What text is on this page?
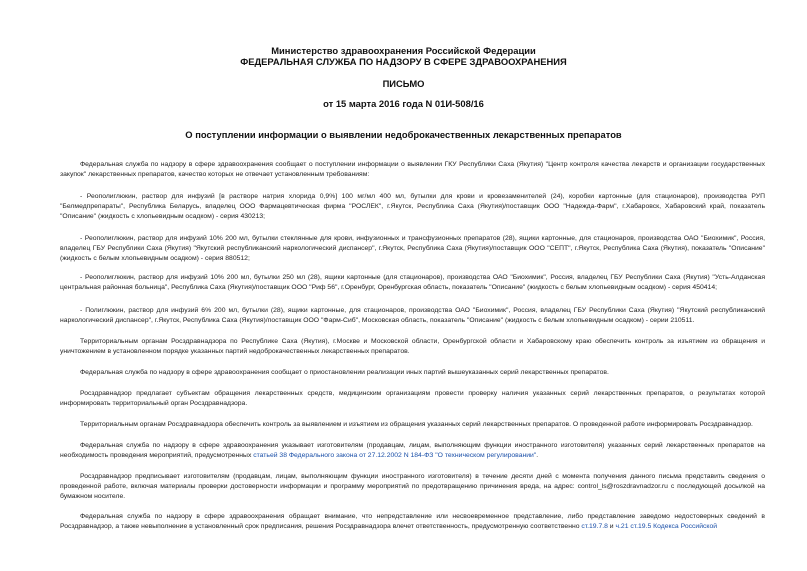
Министерство здравоохранения Российской Федерации
ФЕДЕРАЛЬНАЯ СЛУЖБА ПО НАДЗОРУ В СФЕРЕ ЗДРАВООХРАНЕНИЯ
ПИСЬМО
от 15 марта 2016 года N 01И-508/16
О поступлении информации о выявлении недоброкачественных лекарственных препаратов
Федеральная служба по надзору в сфере здравоохранения сообщает о поступлении информации о выявлении ГКУ Республики Саха (Якутия) "Центр контроля качества лекарств и организации государственных закупок" лекарственных препаратов, качество которых не отвечает установленным требованиям:
- Реополиглюкин, раствор для инфузий [в растворе натрия хлорида 0,9%] 100 мг/мл 400 мл, бутылки для крови и кровезаменителей (24), коробки картонные (для стационаров), производства РУП "Белмедпрепараты", Республика Беларусь, владелец ООО Фармацевтическая фирма "РОСЛЕК", г.Якутск, Республика Саха (Якутия)/поставщик ООО "Надежда-Фарм", г.Хабаровск, Хабаровский край, показатель "Описание" (жидкость с хлопьевидным осадком) - серия 430213;
- Реополиглюкин, раствор для инфузий 10% 200 мл, бутылки стеклянные для крови, инфузионных и трансфузионных препаратов (28), ящики картонные, для стационаров, производства ОАО "Биохимик", Россия, владелец ГБУ Республики Саха (Якутия) "Якутский республиканский наркологический диспансер", г.Якутск, Республика Саха (Якутия)/поставщик ООО "СЕПТ", г.Якутск, Республика Саха (Якутия), показатель "Описание" (жидкость с белым хлопьевидным осадком) - серия 880512;
- Реополиглюкин, раствор для инфузий 10% 200 мл, бутылки 250 мл (28), ящики картонные (для стационаров), производства ОАО "Биохимик", Россия, владелец ГБУ Республики Саха (Якутия) "Усть-Алданская центральная районная больница", Республика Саха (Якутия)/поставщик ООО "Риф 56", г.Оренбург, Оренбургская область, показатель "Описание" (жидкость с белым хлопьевидным осадком) - серия 450414;
- Полиглюкин, раствор для инфузий 6% 200 мл, бутылки (28), ящики картонные, для стационаров, производства ОАО "Биохимик", Россия, владелец ГБУ Республики Саха (Якутия) "Якутский республиканский наркологический диспансер", г.Якутск, Республика Саха (Якутия)/поставщик ООО "Фарм-Сиб", Московская область, показатель "Описание" (жидкость с белым хлопьевидным осадком) - серии 210511.
Территориальным органам Росздравнадзора по Республике Саха (Якутия), г.Москве и Московской области, Оренбургской области и Хабаровскому краю обеспечить контроль за изъятием из обращения и уничтожением в установленном порядке указанных партий недоброкачественных лекарственных препаратов.
Федеральная служба по надзору в сфере здравоохранения сообщает о приостановлении реализации иных партий вышеуказанных серий лекарственных препаратов.
Росздравнадзор предлагает субъектам обращения лекарственных средств, медицинским организациям провести проверку наличия указанных серий лекарственных препаратов, о результатах которой информировать территориальный орган Росздравнадзора.
Территориальным органам Росздравнадзора обеспечить контроль за выявлением и изъятием из обращения указанных серий лекарственных препаратов. О проведенной работе информировать Росздравнадзор.
Федеральная служба по надзору в сфере здравоохранения указывает изготовителям (продавцам, лицам, выполняющим функции иностранного изготовителя) указанных серий лекарственных препаратов на необходимость проведения мероприятий, предусмотренных статьей 38 Федерального закона от 27.12.2002 N 184-ФЗ "О техническом регулировании".
Росздравнадзор предписывает изготовителям (продавцам, лицам, выполняющим функции иностранного изготовителя) в течение десяти дней с момента получения данного письма представить сведения о проведенной работе, включая материалы проверки достоверности информации и программу мероприятий по предотвращению причинения вреда, на адрес: control_ls@roszdravnadzor.ru с последующей досылкой на бумажном носителе.
Федеральная служба по надзору в сфере здравоохранения обращает внимание, что непредставление или несвоевременное представление, либо представление заведомо недостоверных сведений в Росздравнадзор, а также невыполнение в установленный срок предписания, решения Росздравнадзора влечет ответственность, предусмотренную соответственно ст.19.7.8 и ч.21 ст.19.5 Кодекса Российской
